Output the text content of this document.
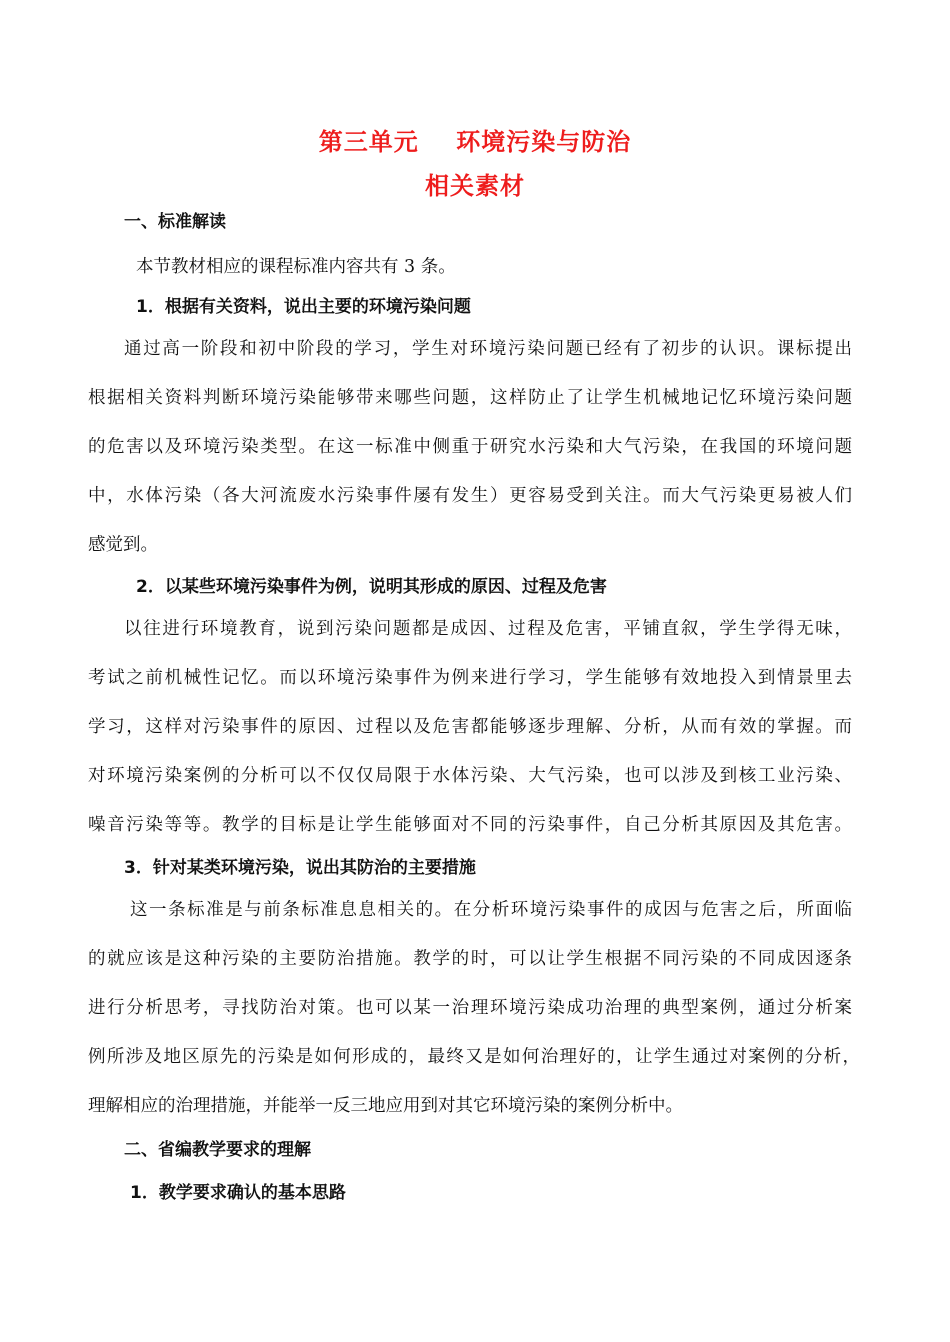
第三单元    环境污染与防治
相关素材
一、标准解读
本节教材相应的课程标准内容共有 3 条。
1．根据有关资料，说出主要的环境污染问题
通过高一阶段和初中阶段的学习，学生对环境污染问题已经有了初步的认识。课标提出
根据相关资料判断环境污染能够带来哪些问题，这样防止了让学生机械地记忆环境污染问题
的危害以及环境污染类型。在这一标准中侧重于研究水污染和大气污染，在我国的环境问题
中，水体污染（各大河流废水污染事件屡有发生）更容易受到关注。而大气污染更易被人们
感觉到。
2．以某些环境污染事件为例，说明其形成的原因、过程及危害
以往进行环境教育，说到污染问题都是成因、过程及危害，平铺直叙，学生学得无味，
考试之前机械性记忆。而以环境污染事件为例来进行学习，学生能够有效地投入到情景里去
学习，这样对污染事件的原因、过程以及危害都能够逐步理解、分析，从而有效的掌握。而
对环境污染案例的分析可以不仅仅局限于水体污染、大气污染，也可以涉及到核工业污染、
噪音污染等等。教学的目标是让学生能够面对不同的污染事件，自己分析其原因及其危害。
3．针对某类环境污染，说出其防治的主要措施
这一条标准是与前条标准息息相关的。在分析环境污染事件的成因与危害之后，所面临
的就应该是这种污染的主要防治措施。教学的时，可以让学生根据不同污染的不同成因逐条
进行分析思考，寻找防治对策。也可以某一治理环境污染成功治理的典型案例，通过分析案
例所涉及地区原先的污染是如何形成的，最终又是如何治理好的，让学生通过对案例的分析，
理解相应的治理措施，并能举一反三地应用到对其它环境污染的案例分析中。
二、省编教学要求的理解
1．教学要求确认的基本思路
